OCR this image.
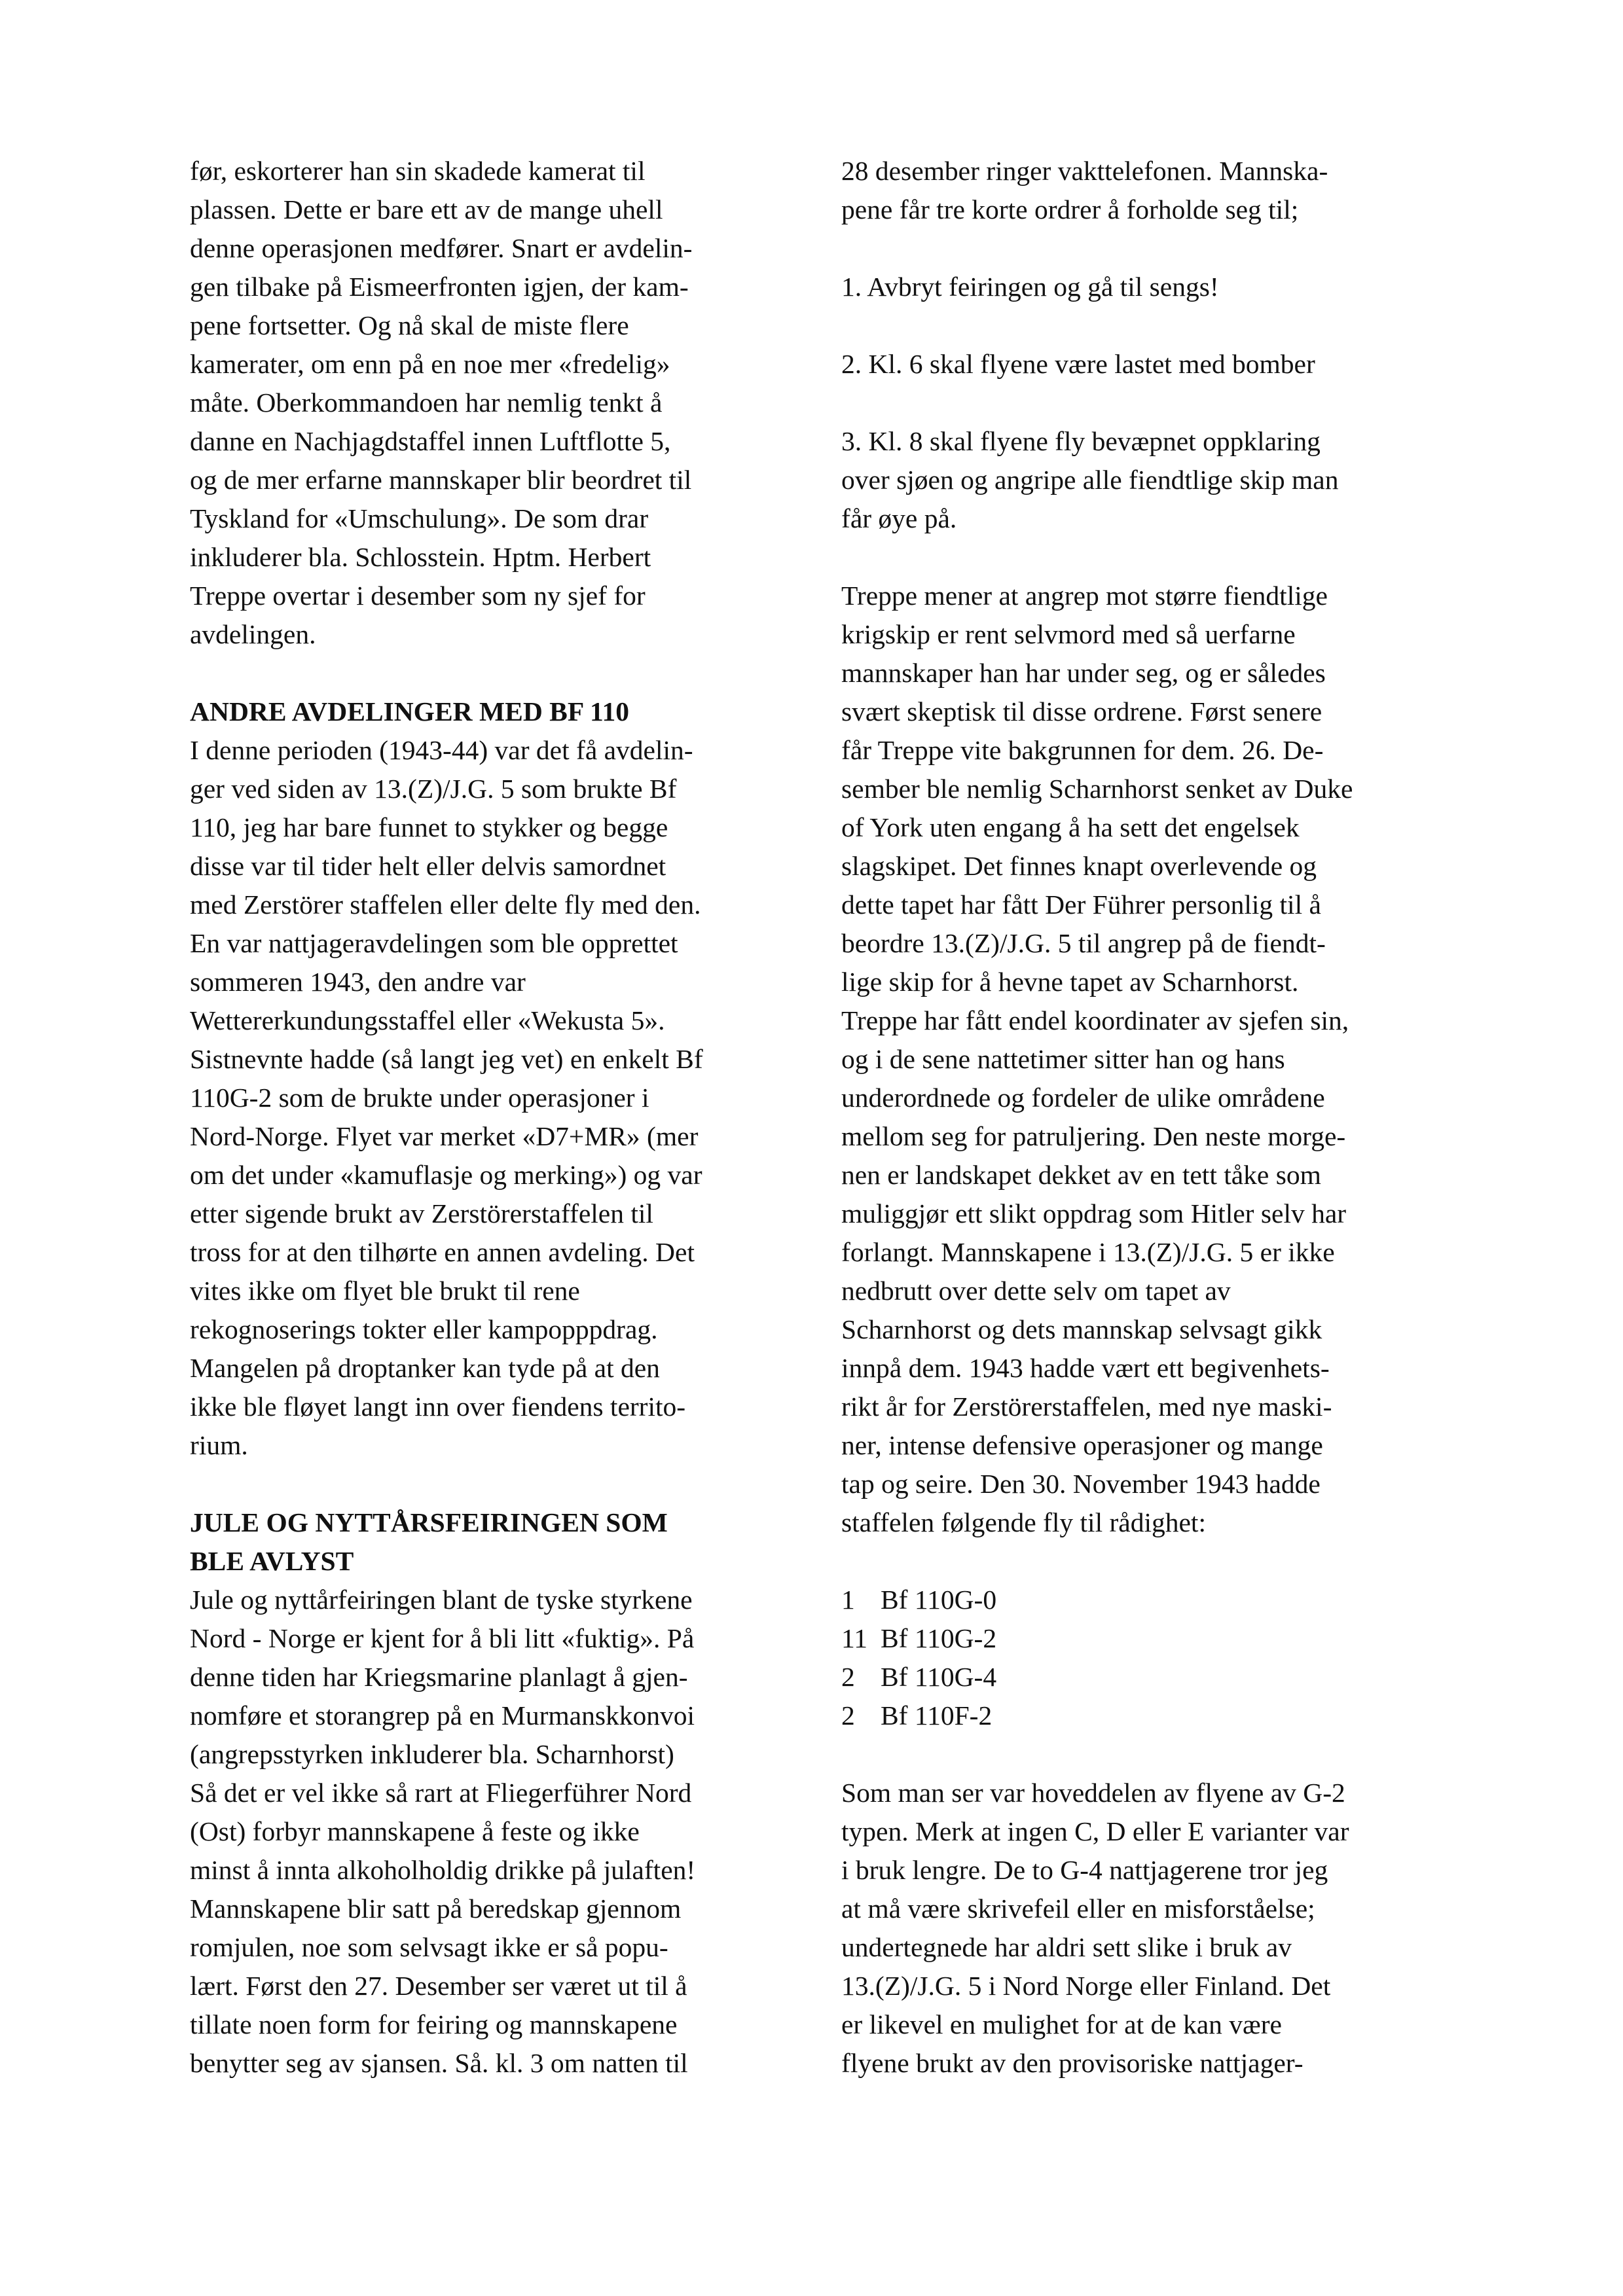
før, eskorterer han sin skadede kamerat til
plassen. Dette er bare ett av de mange uhell
denne operasjonen medfører. Snart er avdelin-
gen tilbake på Eismeerfronten igjen, der kam-
pene fortsetter. Og nå skal de miste flere
kamerater, om enn på en noe mer «fredelig»
måte. Oberkommandoen har nemlig tenkt å
danne en Nachjagdstaffel innen Luftflotte 5,
og de mer erfarne mannskaper blir beordret til
Tyskland for «Umschulung». De som drar
inkluderer bla. Schlosstein. Hptm. Herbert
Treppe overtar i desember som ny sjef for
avdelingen.
ANDRE AVDELINGER MED BF 110
I denne perioden (1943-44) var det få avdelin-
ger ved siden av 13.(Z)/J.G. 5 som brukte Bf
110, jeg har bare funnet to stykker og begge
disse var til tider helt eller delvis samordnet
med Zerstörer staffelen eller delte fly med den.
En var nattjageravdelingen som ble opprettet
sommeren 1943, den andre var
Wettererkundungsstaffel eller «Wekusta 5».
Sistnevnte hadde (så langt jeg vet) en enkelt Bf
110G-2 som de brukte under operasjoner i
Nord-Norge. Flyet var merket «D7+MR» (mer
om det under «kamuflasje og merking») og var
etter sigende brukt av Zerstörerstaffelen til
tross for at den tilhørte en annen avdeling. Det
vites ikke om flyet ble brukt til rene
rekognoserings tokter eller kampopppdrag.
Mangelen på droptanker kan tyde på at den
ikke ble fløyet langt inn over fiendens territo-
rium.
JULE OG NYTTÅRSFEIRINGEN SOM
BLE AVLYST
Jule og nyttårfeiringen blant de tyske styrkene
Nord - Norge er kjent for å bli litt «fuktig». På
denne tiden har Kriegsmarine planlagt å gjen-
nomføre et storangrep på en Murmanskkonvoi
(angrepsstyrken inkluderer bla. Scharnhorst)
Så det er vel ikke så rart at Fliegerführer Nord
(Ost) forbyr mannskapene å feste og ikke
minst å innta alkoholholdig drikke på julaften!
Mannskapene blir satt på beredskap gjennom
romjulen, noe som selvsagt ikke er så popu-
lært. Først den 27. Desember ser været ut til å
tillate noen form for feiring og mannskapene
benytter seg av sjansen. Så. kl. 3 om natten til
28 desember ringer vakttelefonen. Mannska-
pene får tre korte ordrer å forholde seg til;
1. Avbryt feiringen og gå til sengs!
2. Kl. 6 skal flyene være lastet med bomber
3. Kl. 8 skal flyene fly bevæpnet oppklaring
over sjøen og angripe alle fiendtlige skip man
får øye på.
Treppe mener at angrep mot større fiendtlige
krigskip er rent selvmord med så uerfarne
mannskaper han har under seg, og er således
svært skeptisk til disse ordrene. Først senere
får Treppe vite bakgrunnen for dem. 26. De-
sember ble nemlig Scharnhorst senket av Duke
of York uten engang å ha sett det engelsek
slagskipet. Det finnes knapt overlevende og
dette tapet har fått Der Führer personlig til å
beordre 13.(Z)/J.G. 5 til angrep på de fiendt-
lige skip for å hevne tapet av Scharnhorst.
Treppe har fått endel koordinater av sjefen sin,
og i de sene nattetimer sitter han og hans
underordnede og fordeler de ulike områdene
mellom seg for patruljering. Den neste morge-
nen er landskapet dekket av en tett tåke som
muliggjør ett slikt oppdrag som Hitler selv har
forlangt. Mannskapene i 13.(Z)/J.G. 5 er ikke
nedbrutt over dette selv om tapet av
Scharnhorst og dets mannskap selvsagt gikk
innpå dem. 1943 hadde vært ett begivenhets-
rikt år for Zerstörerstaffelen, med nye maski-
ner, intense defensive operasjoner og mange
tap og seire. Den 30. November 1943 hadde
staffelen følgende fly til rådighet:
1 Bf 110G-0
11 Bf 110G-2
2 Bf 110G-4
2 Bf 110F-2
Som man ser var hoveddelen av flyene av G-2
typen. Merk at ingen C, D eller E varianter var
i bruk lengre. De to G-4 nattjagerene tror jeg
at må være skrivefeil eller en misforståelse;
undertegnede har aldri sett slike i bruk av
13.(Z)/J.G. 5 i Nord Norge eller Finland. Det
er likevel en mulighet for at de kan være
flyene brukt av den provisoriske nattjager-
